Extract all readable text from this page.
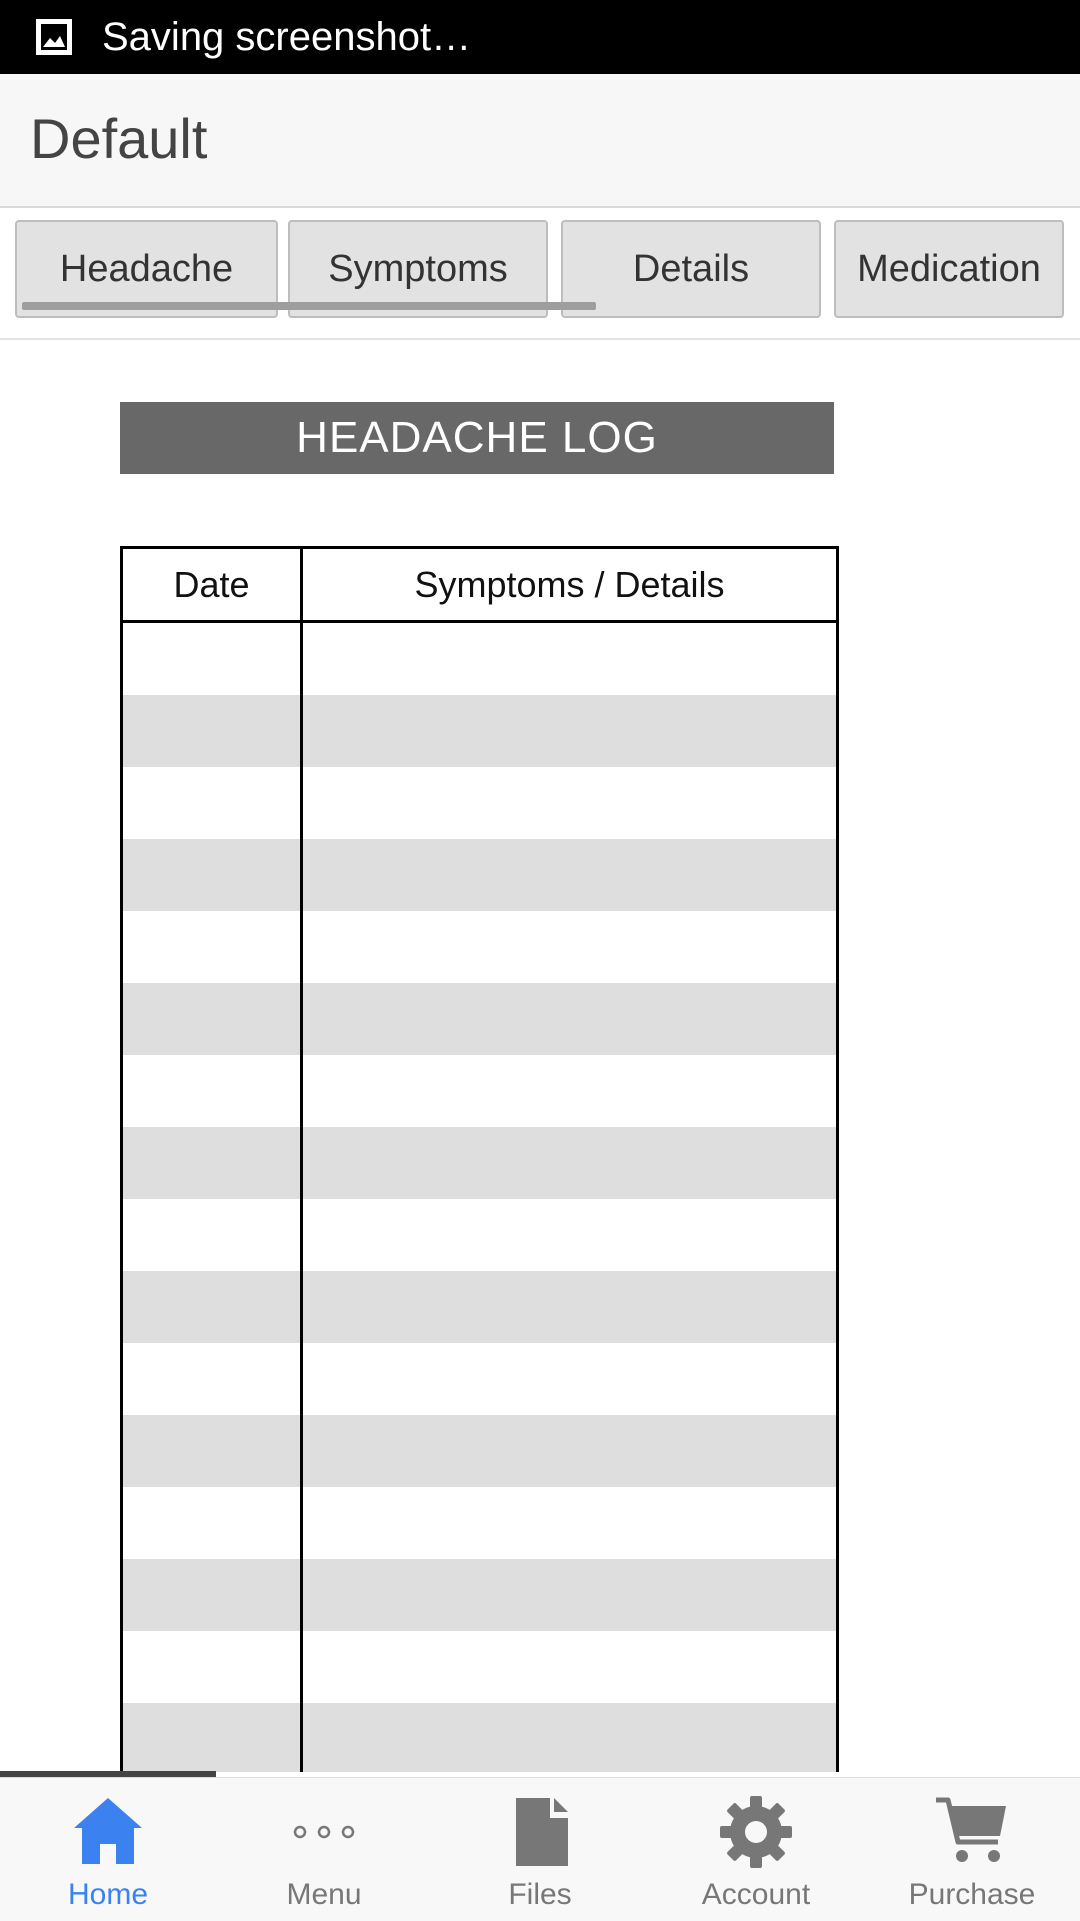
Saving screenshot…
Default
Headache	Symptoms	Details	Medication
HEADACHE LOG
Date	Symptoms / Details

Home	Menu	Files	Account	Purchase
